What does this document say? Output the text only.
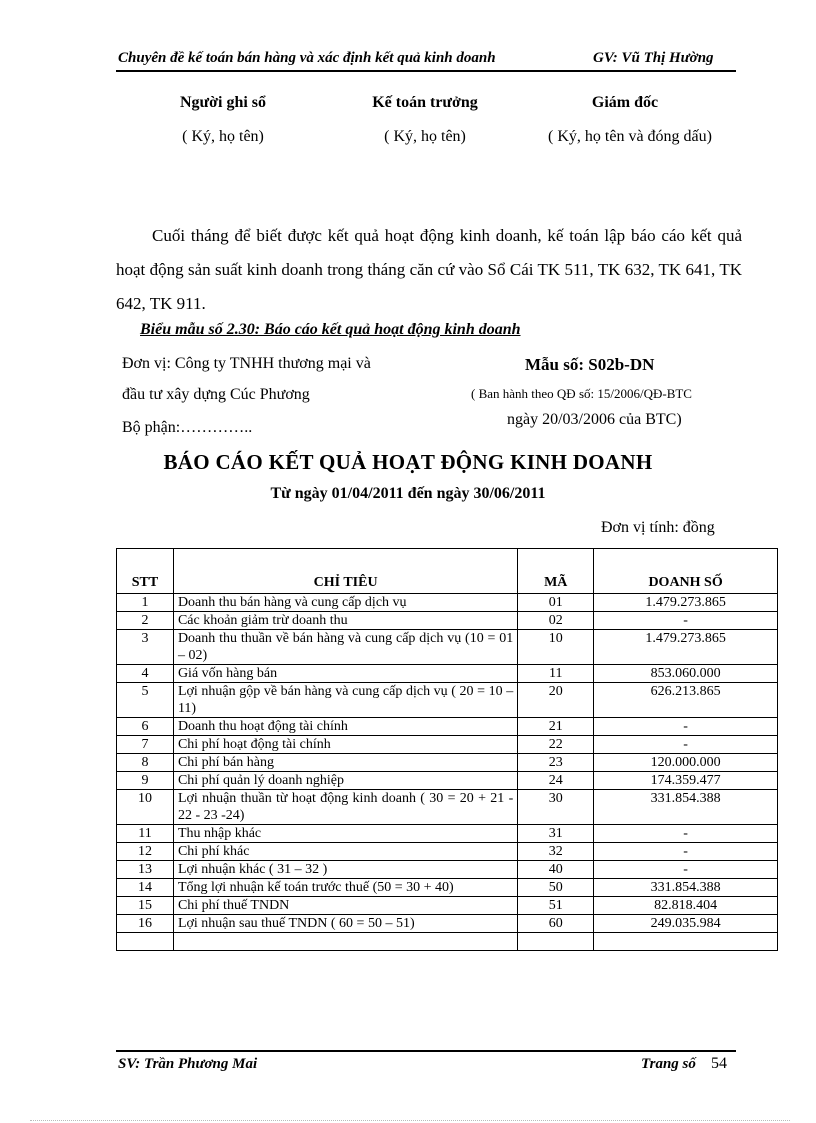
Chuyên đề kế toán bán hàng và xác định kết quả kinh doanh	GV: Vũ Thị Hường
Người ghi sổ	Kế toán trưởng	Giám đốc
( Ký, họ tên)	( Ký, họ tên)	( Ký, họ tên và đóng dấu)

Cuối tháng để biết được kết quả hoạt động kinh doanh, kế toán lập báo cáo kết quả hoạt động sản suất kinh doanh trong tháng căn cứ vào Sổ Cái TK 511, TK 632, TK 641, TK 642, TK 911.

Biểu mẫu số 2.30: Báo cáo kết quả hoạt động kinh doanh
Đơn vị: Công ty TNHH thương mại và
đầu tư xây dựng Cúc Phương
Bộ phận:…………..
Mẫu số: S02b-DN
( Ban hành theo QĐ số: 15/2006/QĐ-BTC
ngày 20/03/2006 của BTC)
BÁO CÁO KẾT QUẢ HOẠT ĐỘNG KINH DOANH
Từ ngày 01/04/2011 đến ngày 30/06/2011
Đơn vị tính: đồng
STT	CHỈ TIÊU	MÃ	DOANH SỐ
1	Doanh thu bán hàng và cung cấp dịch vụ	01	1.479.273.865
2	Các khoản giảm trừ doanh thu	02	-
3	Doanh thu thuần về bán hàng và cung cấp dịch vụ (10 = 01 – 02)	10	1.479.273.865
4	Giá vốn hàng bán	11	853.060.000
5	Lợi nhuận gộp về bán hàng và cung cấp dịch vụ ( 20 = 10 – 11)	20	626.213.865
6	Doanh thu hoạt động tài chính	21	-
7	Chi phí hoạt động tài chính	22	-
8	Chi phí bán hàng	23	120.000.000
9	Chi phí quản lý doanh nghiệp	24	174.359.477
10	Lợi nhuận thuần từ hoạt động kinh doanh ( 30 = 20 + 21 - 22 - 23 -24)	30	331.854.388
11	Thu nhập khác	31	-
12	Chi phí khác	32	-
13	Lợi nhuận khác ( 31 – 32 )	40	-
14	Tổng lợi nhuận kế toán trước thuế (50 = 30 + 40)	50	331.854.388
15	Chi phí thuế TNDN	51	82.818.404
16	Lợi nhuận sau thuế TNDN ( 60 = 50 – 51)	60	249.035.984

SV: Trần Phương Mai	Trang số 54
